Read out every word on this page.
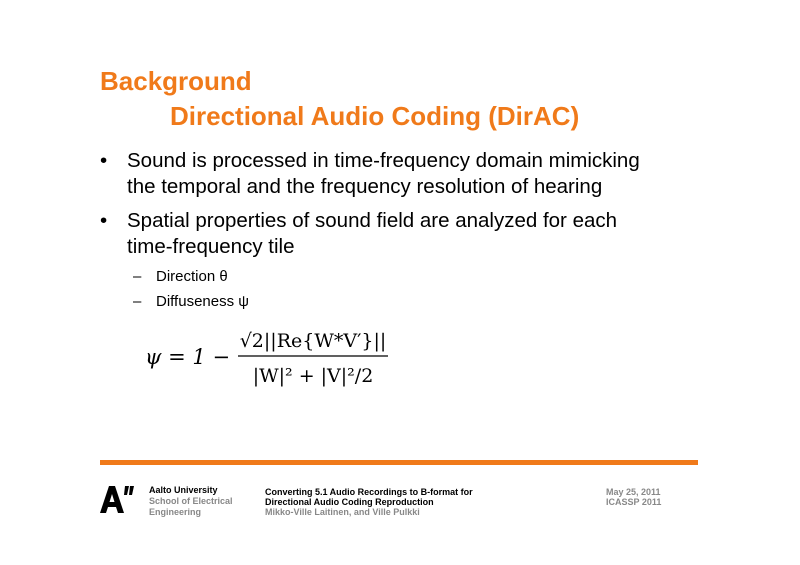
Background
Directional Audio Coding (DirAC)
• Sound is processed in time-frequency domain mimicking
the temporal and the frequency resolution of hearing
• Spatial properties of sound field are analyzed for each
time-frequency tile
– Direction θ
– Diffuseness ψ
ψ = 1 −
√2||Re{W*V′}||
|W|² + |V|²/2
Aalto University
School of Electrical
Engineering
Converting 5.1 Audio Recordings to B-format for
Directional Audio Coding Reproduction
Mikko-Ville Laitinen, and Ville Pulkki
May 25, 2011
ICASSP 2011
